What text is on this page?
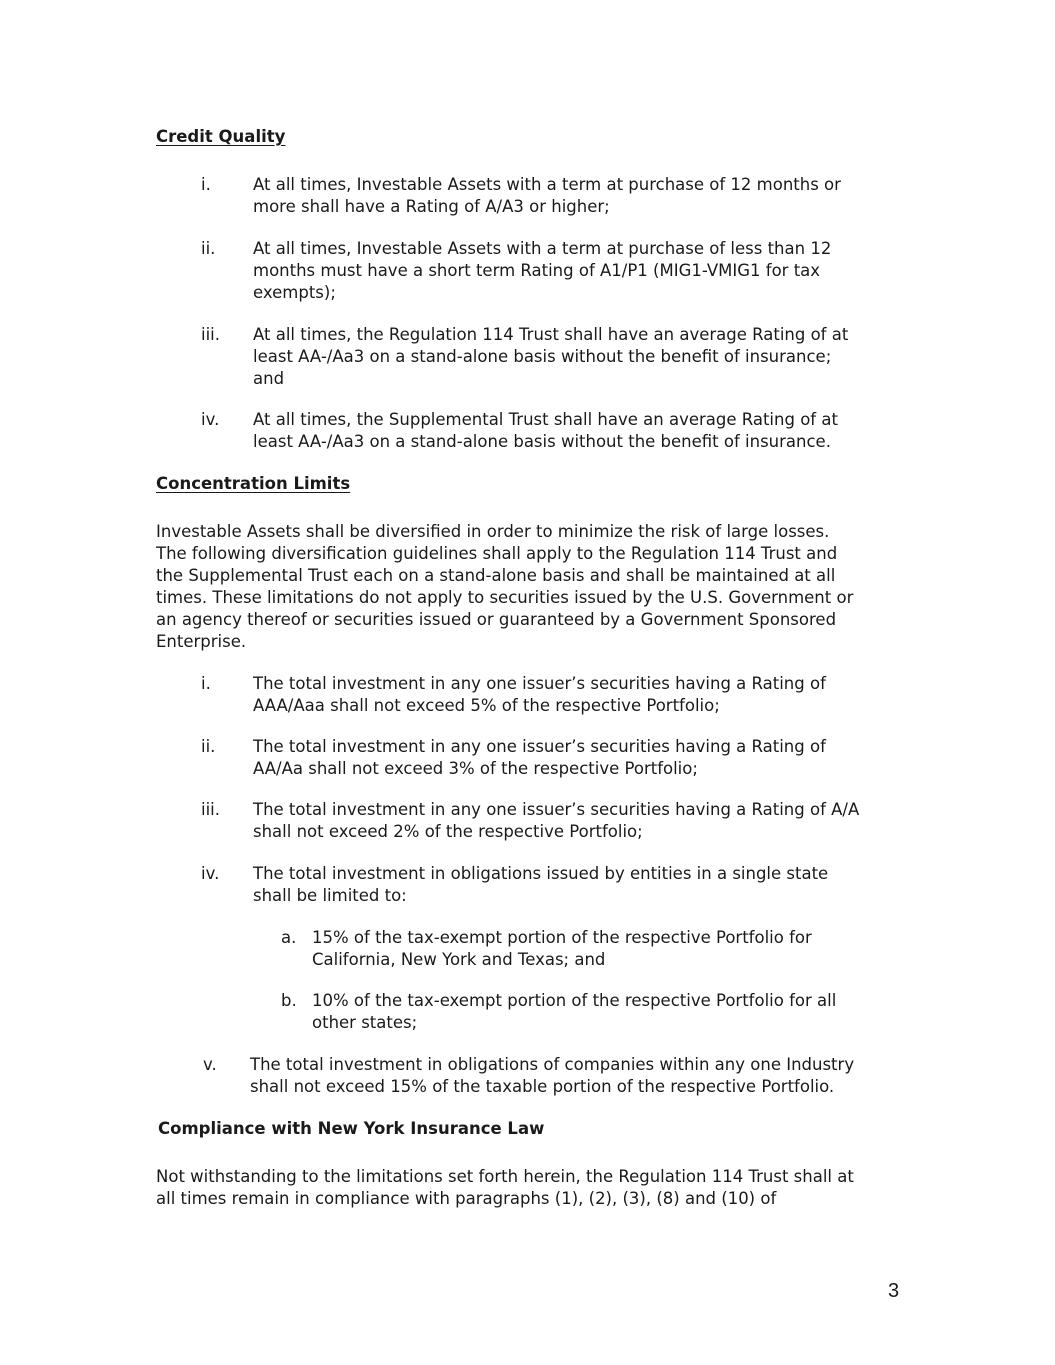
Credit Quality
i.	At all times, Investable Assets with a term at purchase of 12 months or
more shall have a Rating of A/A3 or higher;
ii. At all times, Investable Assets with a term at purchase of less than 12
months must have a short term Rating of A1/P1 (MIG1-VMIG1 for tax
exempts);
iii. At all times, the Regulation 114 Trust shall have an average Rating of at
least AA-/Aa3 on a stand-alone basis without the benefit of insurance;
and
iv. At all times, the Supplemental Trust shall have an average Rating of at
least AA-/Aa3 on a stand-alone basis without the benefit of insurance.
Concentration Limits

Investable Assets shall be diversified in order to minimize the risk of large losses.
The following diversification guidelines shall apply to the Regulation 114 Trust and
the Supplemental Trust each on a stand-alone basis and shall be maintained at all
times. These limitations do not apply to securities issued by the U.S. Government or
an agency thereof or securities issued or guaranteed by a Government Sponsored
Enterprise.

i.	The total investment in any one issuer’s securities having a Rating of
AAA/Aaa shall not exceed 5% of the respective Portfolio;
ii. The total investment in any one issuer’s securities having a Rating of
AA/Aa shall not exceed 3% of the respective Portfolio;
iii. The total investment in any one issuer’s securities having a Rating of A/A
shall not exceed 2% of the respective Portfolio;
iv. The total investment in obligations issued by entities in a single state
shall be limited to:
a. 15% of the tax-exempt portion of the respective Portfolio for
California, New York and Texas; and
b. 10% of the tax-exempt portion of the respective Portfolio for all
other states;
v. The total investment in obligations of companies within any one Industry
shall not exceed 15% of the taxable portion of the respective Portfolio.
Compliance with New York Insurance Law

Not withstanding to the limitations set forth herein, the Regulation 114 Trust shall at
all times remain in compliance with paragraphs (1), (2), (3), (8) and (10) of

3
